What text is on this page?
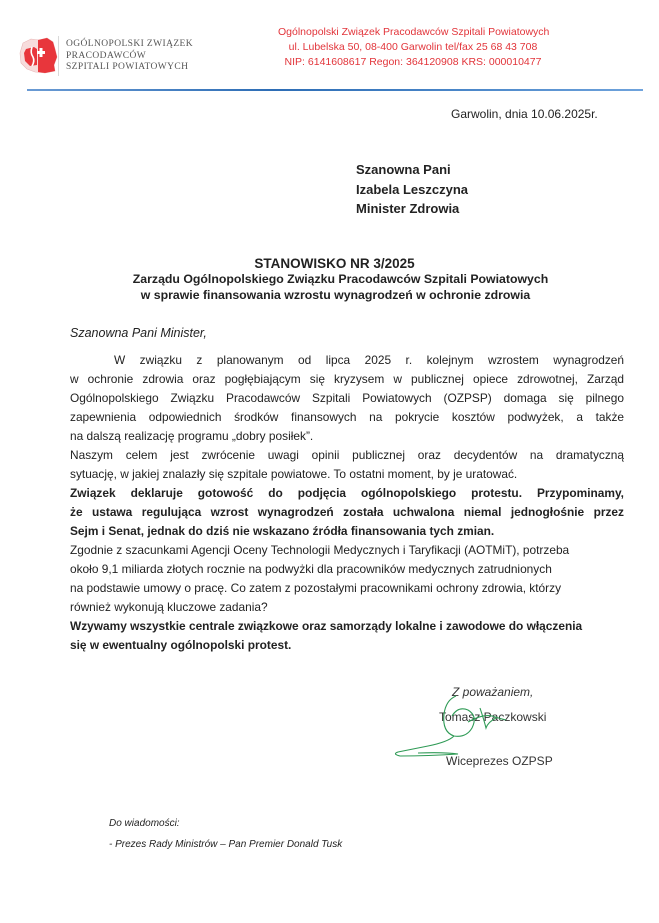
OGÓLNOPOLSKI ZWIĄZEK
PRACODAWCÓW
SZPITALI POWIATOWYCH
Ogólnopolski Związek Pracodawców Szpitali Powiatowych
ul. Lubelska 50, 08-400 Garwolin tel/fax 25 68 43 708
NIP: 6141608617 Regon: 364120908 KRS: 000010477
Garwolin, dnia 10.06.2025r.
Szanowna Pani
Izabela Leszczyna
Minister Zdrowia
STANOWISKO NR 3/2025
Zarządu Ogólnopolskiego Związku Pracodawców Szpitali Powiatowych
w sprawie finansowania wzrostu wynagrodzeń w ochronie zdrowia
Szanowna Pani Minister,

W związku z planowanym od lipca 2025 r. kolejnym wzrostem wynagrodzeń
w ochronie zdrowia oraz pogłębiającym się kryzysem w publicznej opiece zdrowotnej, Zarząd
Ogólnopolskiego Związku Pracodawców Szpitali Powiatowych (OZPSP) domaga się pilnego
zapewnienia odpowiednich środków finansowych na pokrycie kosztów podwyżek, a także
na dalszą realizację programu „dobry posiłek”.

Naszym celem jest zwrócenie uwagi opinii publicznej oraz decydentów na dramatyczną
sytuację, w jakiej znalazły się szpitale powiatowe. To ostatni moment, by je uratować.

Związek deklaruje gotowość do podjęcia ogólnopolskiego protestu. Przypominamy,
że ustawa regulująca wzrost wynagrodzeń została uchwalona niemal jednogłośnie przez
Sejm i Senat, jednak do dziś nie wskazano źródła finansowania tych zmian.

Zgodnie z szacunkami Agencji Oceny Technologii Medycznych i Taryfikacji (AOTMiT), potrzeba
około 9,1 miliarda złotych rocznie na podwyżki dla pracowników medycznych zatrudnionych
na podstawie umowy o pracę. Co zatem z pozostałymi pracownikami ochrony zdrowia, którzy
również wykonują kluczowe zadania?

Wzywamy wszystkie centrale związkowe oraz samorządy lokalne i zawodowe do włączenia
się w ewentualny ogólnopolski protest.

Z poważaniem,
Tomasz Paczkowski
Wiceprezes OZPSP
Do wiadomości:
- Prezes Rady Ministrów – Pan Premier Donald Tusk
